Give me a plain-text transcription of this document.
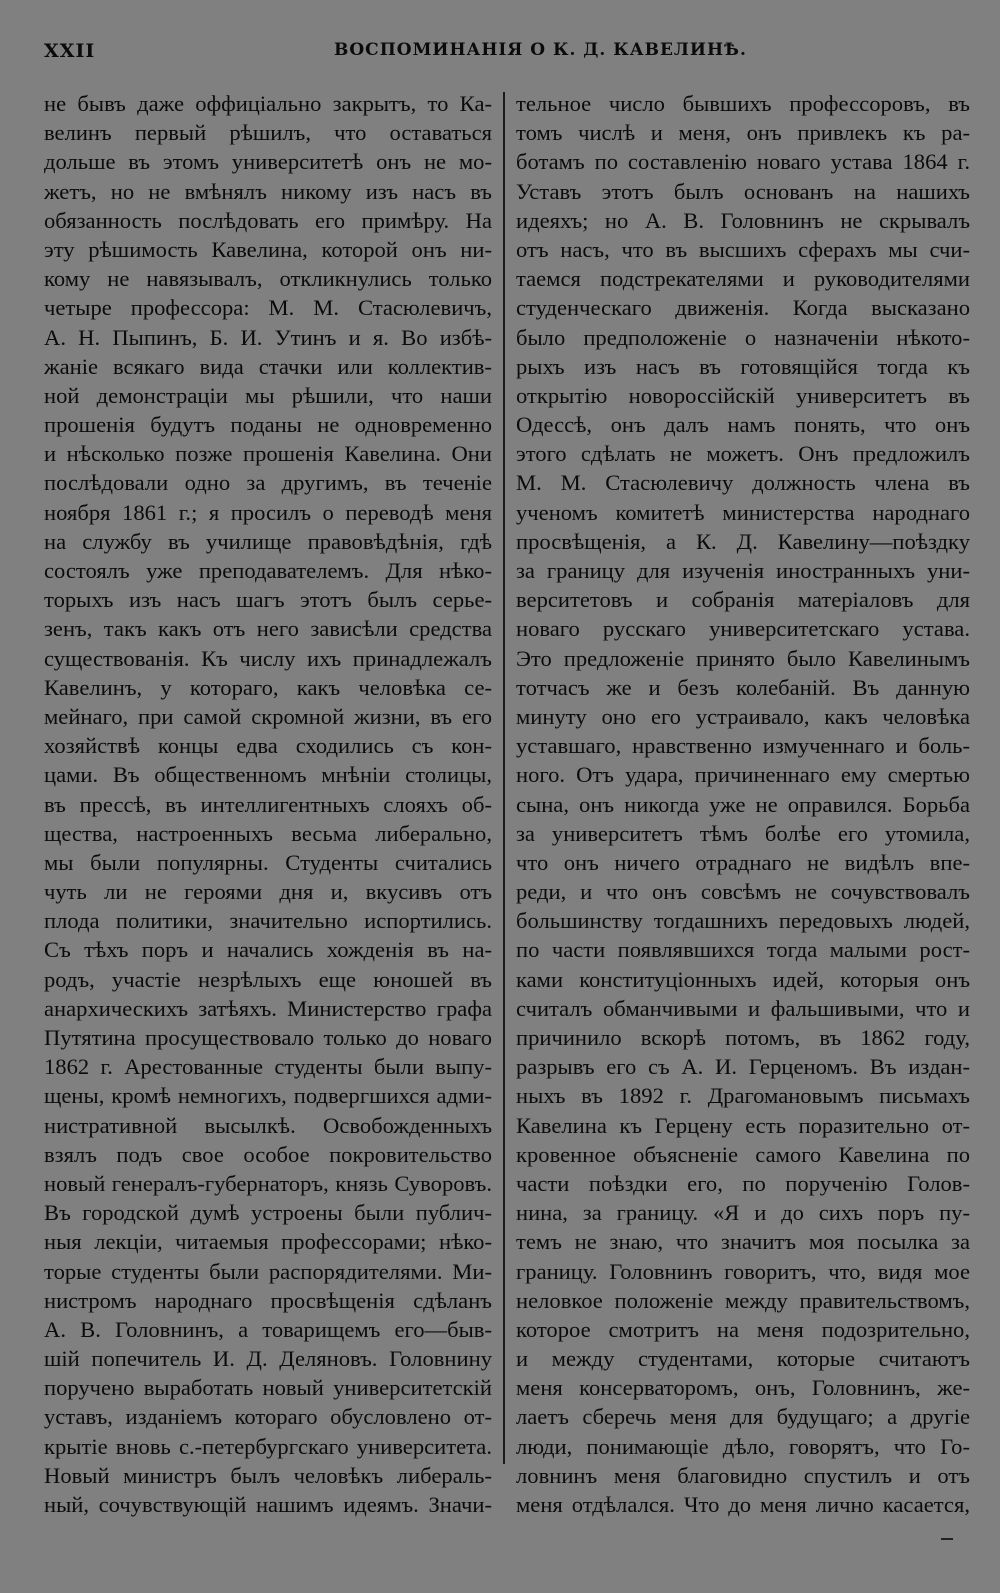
XXII	ВОСПОМИНАНІЯ О К. Д. КАВЕЛИНѢ.
не бывъ даже оффиціально закрытъ, то Ка-
велинъ первый рѣшилъ, что оставаться
дольше въ этомъ университетѣ онъ не мо-
жетъ, но не вмѣнялъ никому изъ насъ въ
обязанность послѣдовать его примѣру. На
эту рѣшимость Кавелина, которой онъ ни-
кому не навязывалъ, откликнулись только
четыре профессора: М. М. Стасюлевичъ,
А. Н. Пыпинъ, Б. И. Утинъ и я. Во избѣ-
жаніе всякаго вида стачки или коллектив-
ной демонстраціи мы рѣшили, что наши
прошенія будутъ поданы не одновременно
и нѣсколько позже прошенія Кавелина. Они
послѣдовали одно за другимъ, въ теченіе
ноября 1861 г.; я просилъ о переводѣ меня
на службу въ училище правовѣдѣнія, гдѣ
состоялъ уже преподавателемъ. Для нѣко-
торыхъ изъ насъ шагъ этотъ былъ серье-
зенъ, такъ какъ отъ него зависѣли средства
существованія. Къ числу ихъ принадлежалъ
Кавелинъ, у котораго, какъ человѣка се-
мейнаго, при самой скромной жизни, въ его
хозяйствѣ концы едва сходились съ кон-
цами. Въ общественномъ мнѣніи столицы,
въ прессѣ, въ интеллигентныхъ слояхъ об-
щества, настроенныхъ весьма либерально,
мы были популярны. Студенты считались
чуть ли не героями дня и, вкусивъ отъ
плода политики, значительно испортились.
Съ тѣхъ поръ и начались хожденія въ на-
родъ, участіе незрѣлыхъ еще юношей въ
анархическихъ затѣяхъ. Министерство графа
Путятина просуществовало только до новаго
1862 г. Арестованные студенты были выпу-
щены, кромѣ немногихъ, подвергшихся адми-
нистративной высылкѣ. Освобожденныхъ
взялъ подъ свое особое покровительство
новый генералъ-губернаторъ, князь Суворовъ.
Въ городской думѣ устроены были публич-
ныя лекціи, читаемыя профессорами; нѣко-
торые студенты были распорядителями. Ми-
нистромъ народнаго просвѣщенія сдѣланъ
А. В. Головнинъ, а товарищемъ его—быв-
шій попечитель И. Д. Деляновъ. Головнину
поручено выработать новый университетскій
уставъ, изданіемъ котораго обусловлено от-
крытіе вновь с.-петербургскаго университета.
Новый министръ былъ человѣкъ либераль-
ный, сочувствующій нашимъ идеямъ. Значи-
тельное число бывшихъ профессоровъ, въ
томъ числѣ и меня, онъ привлекъ къ ра-
ботамъ по составленію новаго устава 1864 г.
Уставъ этотъ былъ основанъ на нашихъ
идеяхъ; но А. В. Головнинъ не скрывалъ
отъ насъ, что въ высшихъ сферахъ мы счи-
таемся подстрекателями и руководителями
студенческаго движенія. Когда высказано
было предположеніе о назначеніи нѣкото-
рыхъ изъ насъ въ готовящійся тогда къ
открытію новороссійскій университетъ въ
Одессѣ, онъ далъ намъ понять, что онъ
этого сдѣлать не можетъ. Онъ предложилъ
М. М. Стасюлевичу должность члена въ
ученомъ комитетѣ министерства народнаго
просвѣщенія, а К. Д. Кавелину—поѣздку
за границу для изученія иностранныхъ уни-
верситетовъ и собранія матеріаловъ для
новаго русскаго университетскаго устава.
Это предложеніе принято было Кавелинымъ
тотчасъ же и безъ колебаній. Въ данную
минуту оно его устраивало, какъ человѣка
уставшаго, нравственно измученнаго и боль-
ного. Отъ удара, причиненнаго ему смертью
сына, онъ никогда уже не оправился. Борьба
за университетъ тѣмъ болѣе его утомила,
что онъ ничего отраднаго не видѣлъ впе-
реди, и что онъ совсѣмъ не сочувствовалъ
большинству тогдашнихъ передовыхъ людей,
по части появлявшихся тогда малыми рост-
ками конституціонныхъ идей, которыя онъ
считалъ обманчивыми и фальшивыми, что и
причинило вскорѣ потомъ, въ 1862 году,
разрывъ его съ А. И. Герценомъ. Въ издан-
ныхъ въ 1892 г. Драгомановымъ письмахъ
Кавелина къ Герцену есть поразительно от-
кровенное объясненіе самого Кавелина по
части поѣздки его, по порученію Голов-
нина, за границу. «Я и до сихъ поръ пу-
темъ не знаю, что значитъ моя посылка за
границу. Головнинъ говоритъ, что, видя мое
неловкое положеніе между правительствомъ,
которое смотритъ на меня подозрительно,
и между студентами, которые считаютъ
меня консерваторомъ, онъ, Головнинъ, же-
лаетъ сберечь меня для будущаго; а другіе
люди, понимающіе дѣло, говорятъ, что Го-
ловнинъ меня благовидно спустилъ и отъ
меня отдѣлался. Что до меня лично касается,
